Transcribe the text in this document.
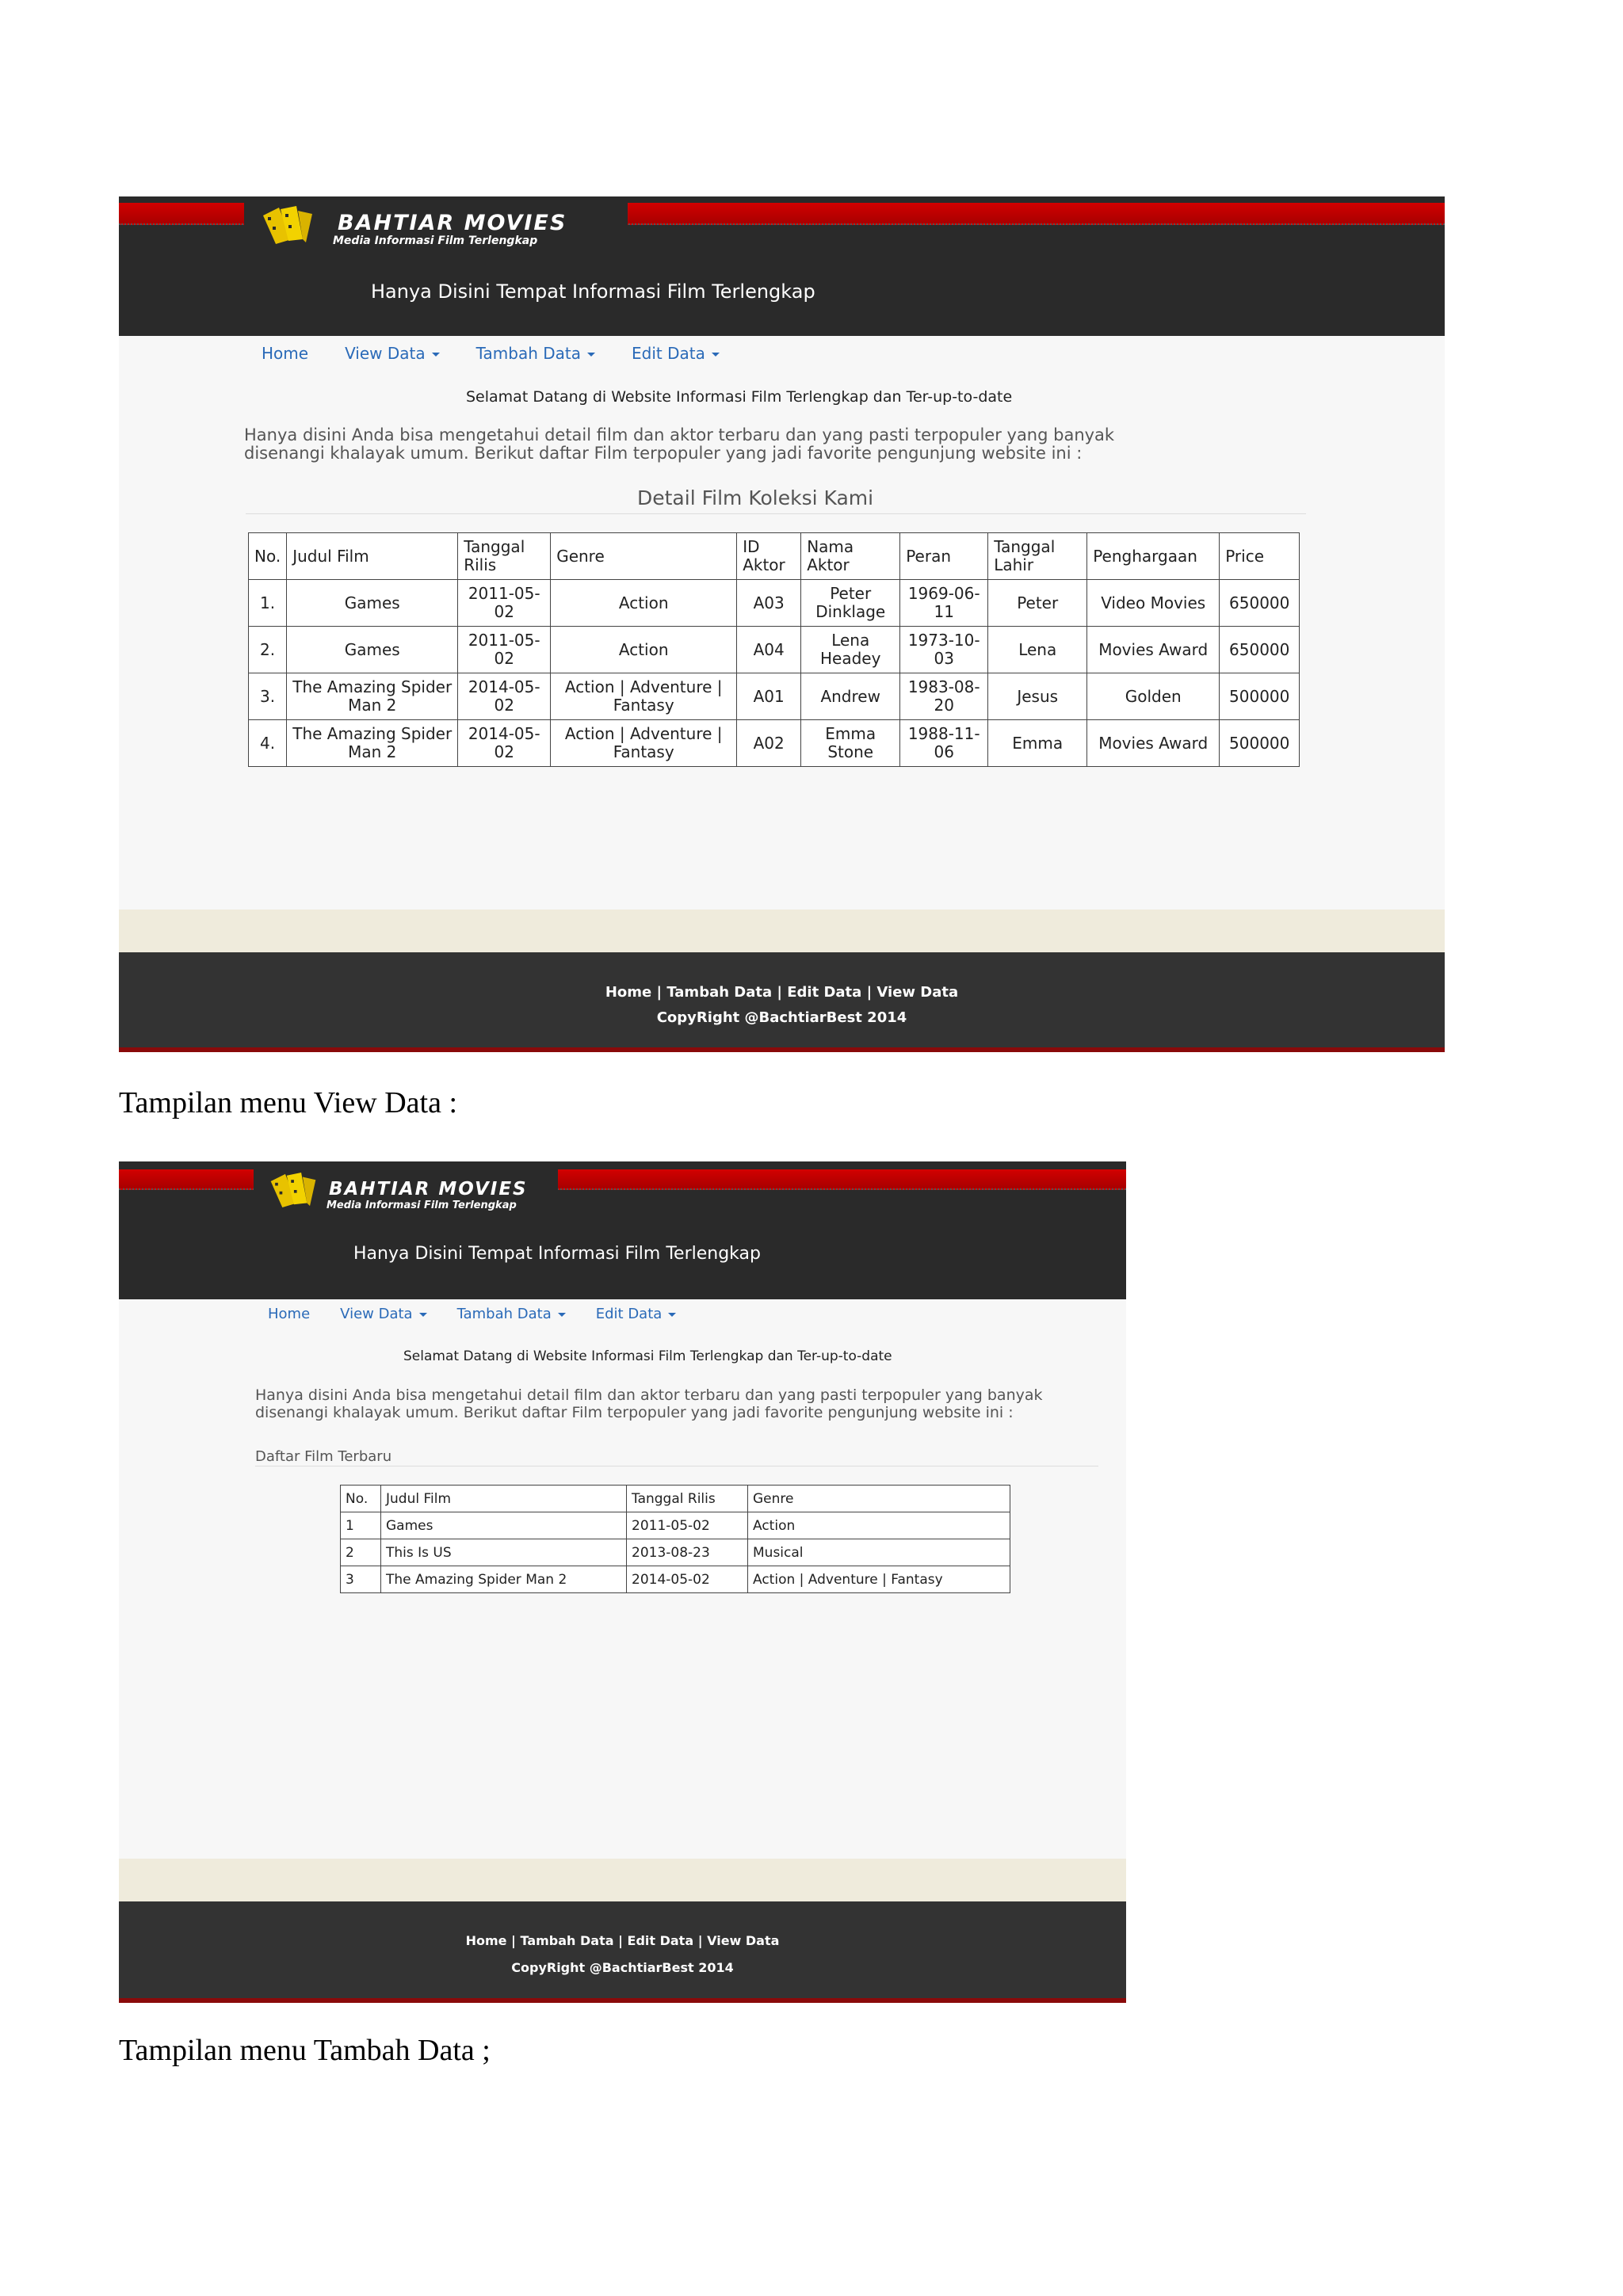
BAHTIAR MOVIES
Media Informasi Film Terlengkap
Hanya Disini Tempat Informasi Film Terlengkap
Home View Data	Tambah Data	Edit Data
Selamat Datang di Website Informasi Film Terlengkap dan Ter-up-to-date
Hanya disini Anda bisa mengetahui detail film dan aktor terbaru dan yang pasti terpopuler yang banyak
disenangi khalayak umum. Berikut daftar Film terpopuler yang jadi favorite pengunjung website ini :
Detail Film Koleksi Kami
No.	Judul Film	Tanggal Rilis	Genre	ID Aktor	Nama Aktor	Peran	Tanggal Lahir	Penghargaan	Price
1.	Games	2011-05-02	Action	A03	Peter Dinklage	1969-06-11	Peter	Video Movies	650000
2.	Games	2011-05-02	Action	A04	Lena Headey	1973-10-03	Lena	Movies Award	650000
3.	The Amazing Spider Man 2	2014-05-02	Action | Adventure | Fantasy	A01	Andrew	1983-08-20	Jesus	Golden	500000
4.	The Amazing Spider Man 2	2014-05-02	Action | Adventure | Fantasy	A02	Emma Stone	1988-11-06	Emma	Movies Award	500000
Home | Tambah Data | Edit Data | View Data
CopyRight @BachtiarBest 2014
Tampilan menu View Data :
BAHTIAR MOVIES
Media Informasi Film Terlengkap
Hanya Disini Tempat Informasi Film Terlengkap
Home View Data	Tambah Data	Edit Data
Selamat Datang di Website Informasi Film Terlengkap dan Ter-up-to-date
Hanya disini Anda bisa mengetahui detail film dan aktor terbaru dan yang pasti terpopuler yang banyak
disenangi khalayak umum. Berikut daftar Film terpopuler yang jadi favorite pengunjung website ini :
Daftar Film Terbaru
No.	Judul Film	Tanggal Rilis	Genre
1	Games	2011-05-02	Action
2	This Is US	2013-08-23	Musical
3	The Amazing Spider Man 2	2014-05-02	Action | Adventure | Fantasy
Home | Tambah Data | Edit Data | View Data
CopyRight @BachtiarBest 2014
Tampilan menu Tambah Data ;
